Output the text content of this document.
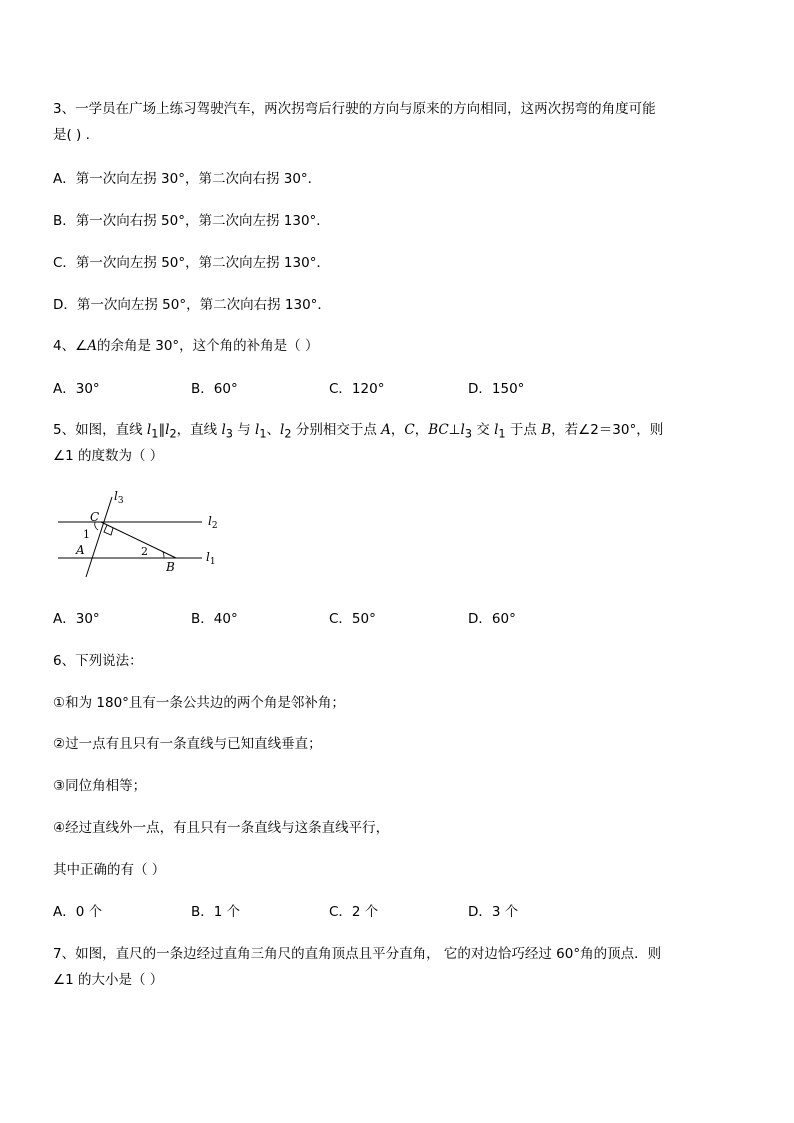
3、一学员在广场上练习驾驶汽车，两次拐弯后行驶的方向与原来的方向相同，这两次拐弯的角度可能
是( ) .
A．第一次向左拐 30°，第二次向右拐 30°．
B．第一次向右拐 50°，第二次向左拐 130°．
C．第一次向左拐 50°，第二次向左拐 130°．
D．第一次向左拐 50°，第二次向右拐 130°．
4、∠A的余角是 30°，这个角的补角是（ ）
A．30°	B．60°	C．120°	D．150°
5、如图，直线 $l_1\parallel l_2$，直线 $l_3$ 与 $l_1$、$l_2$ 分别相交于点 A，C，$BC\perp l_3$ 交 $l_1$ 于点 B，若∠2＝30°，则
∠1 的度数为（ ）
$l_3$
$l_2$
$l_1$
C
A
B
1
2
A．30°	B．40°	C．50°	D．60°
6、下列说法：
①和为 180°且有一条公共边的两个角是邻补角；
②过一点有且只有一条直线与已知直线垂直；
③同位角相等；
④经过直线外一点，有且只有一条直线与这条直线平行，
其中正确的有（ ）
A．0 个	B．1 个	C．2 个	D．3 个
7、如图，直尺的一条边经过直角三角尺的直角顶点且平分直角， 它的对边恰巧经过 60°角的顶点．则
∠1 的大小是（ ）
